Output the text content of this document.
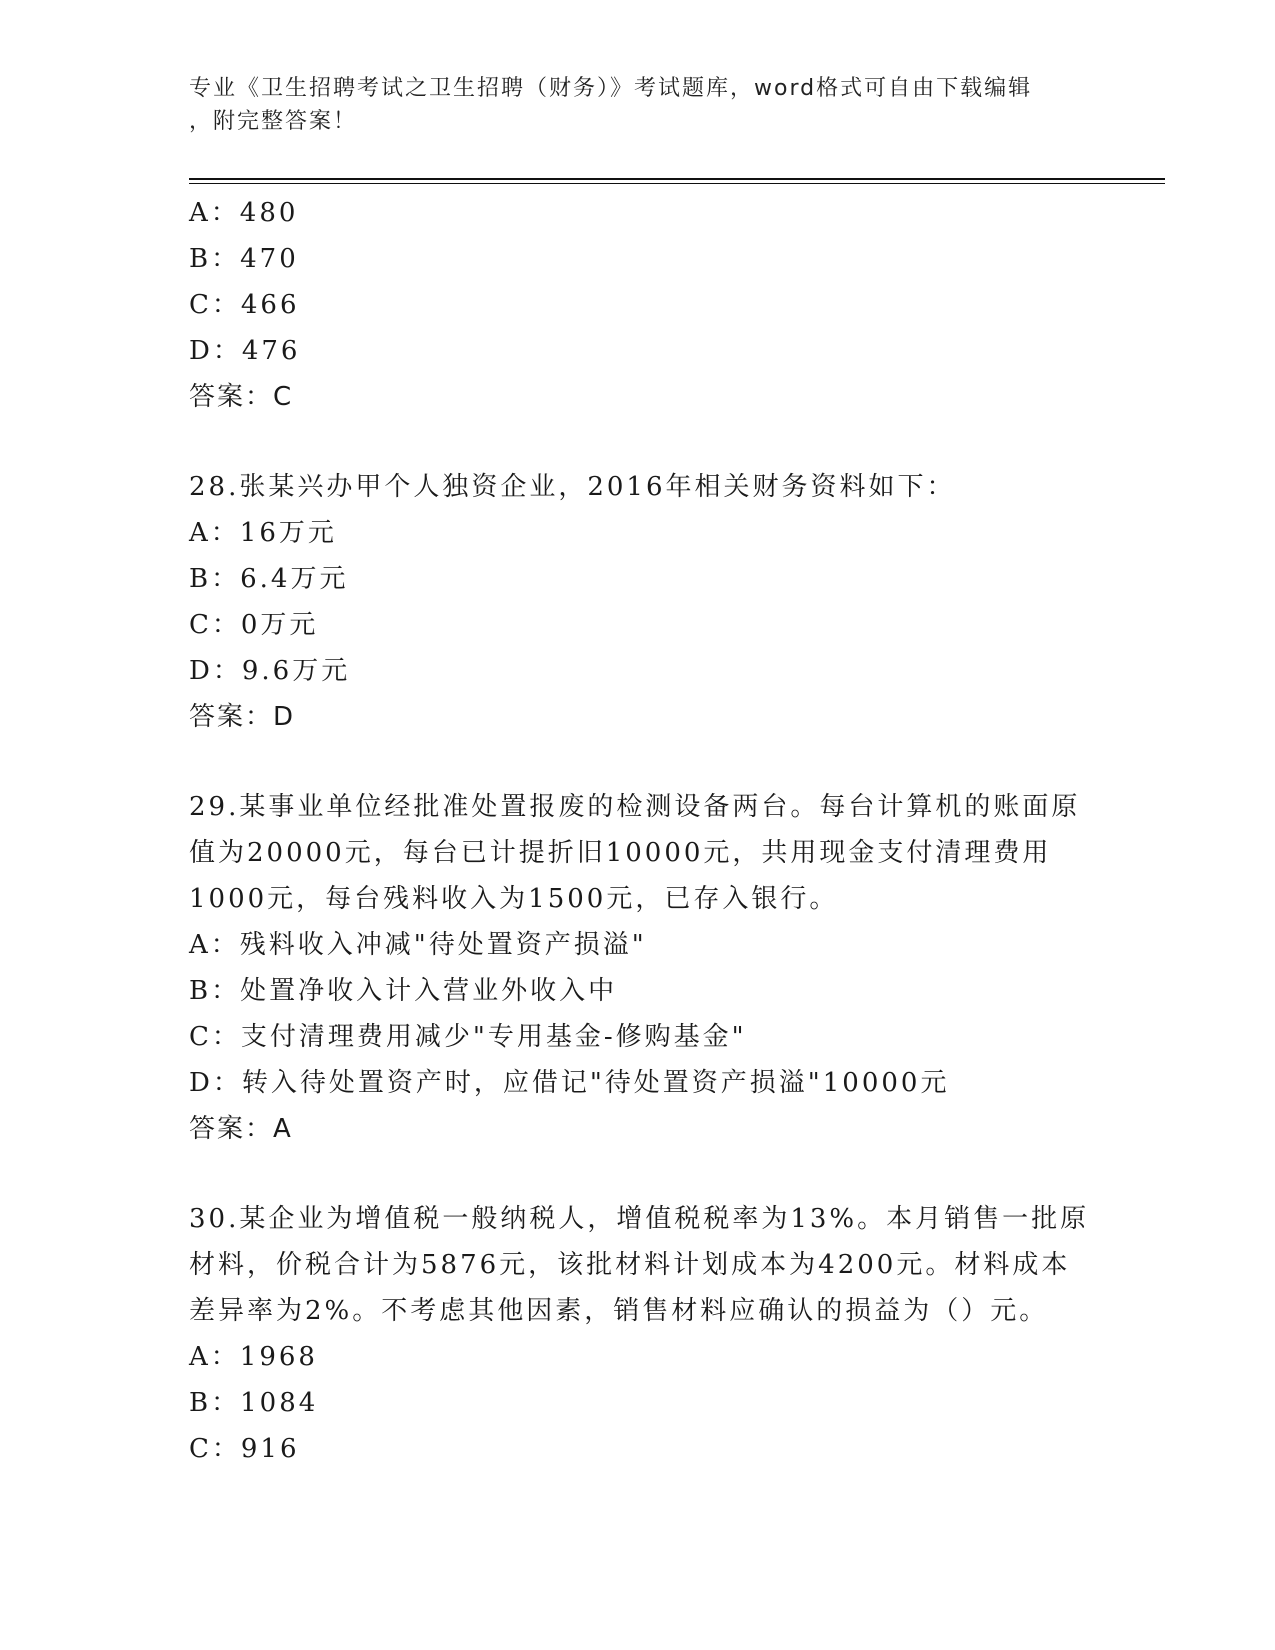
专业《卫生招聘考试之卫生招聘（财务）》考试题库，word格式可自由下载编辑
，附完整答案！
A：480
B：470
C：466
D：476
答案：C
28.张某兴办甲个人独资企业，2016年相关财务资料如下：
A：16万元
B：6.4万元
C：0万元
D：9.6万元
答案：D
29.某事业单位经批准处置报废的检测设备两台。每台计算机的账面原
值为20000元，每台已计提折旧10000元，共用现金支付清理费用
1000元，每台残料收入为1500元，已存入银行。
A：残料收入冲减"待处置资产损溢"
B：处置净收入计入营业外收入中
C：支付清理费用减少"专用基金-修购基金"
D：转入待处置资产时，应借记"待处置资产损溢"10000元
答案：A
30.某企业为增值税一般纳税人，增值税税率为13%。本月销售一批原
材料，价税合计为5876元，该批材料计划成本为4200元。材料成本
差异率为2%。不考虑其他因素，销售材料应确认的损益为（）元。
A：1968
B：1084
C：916
